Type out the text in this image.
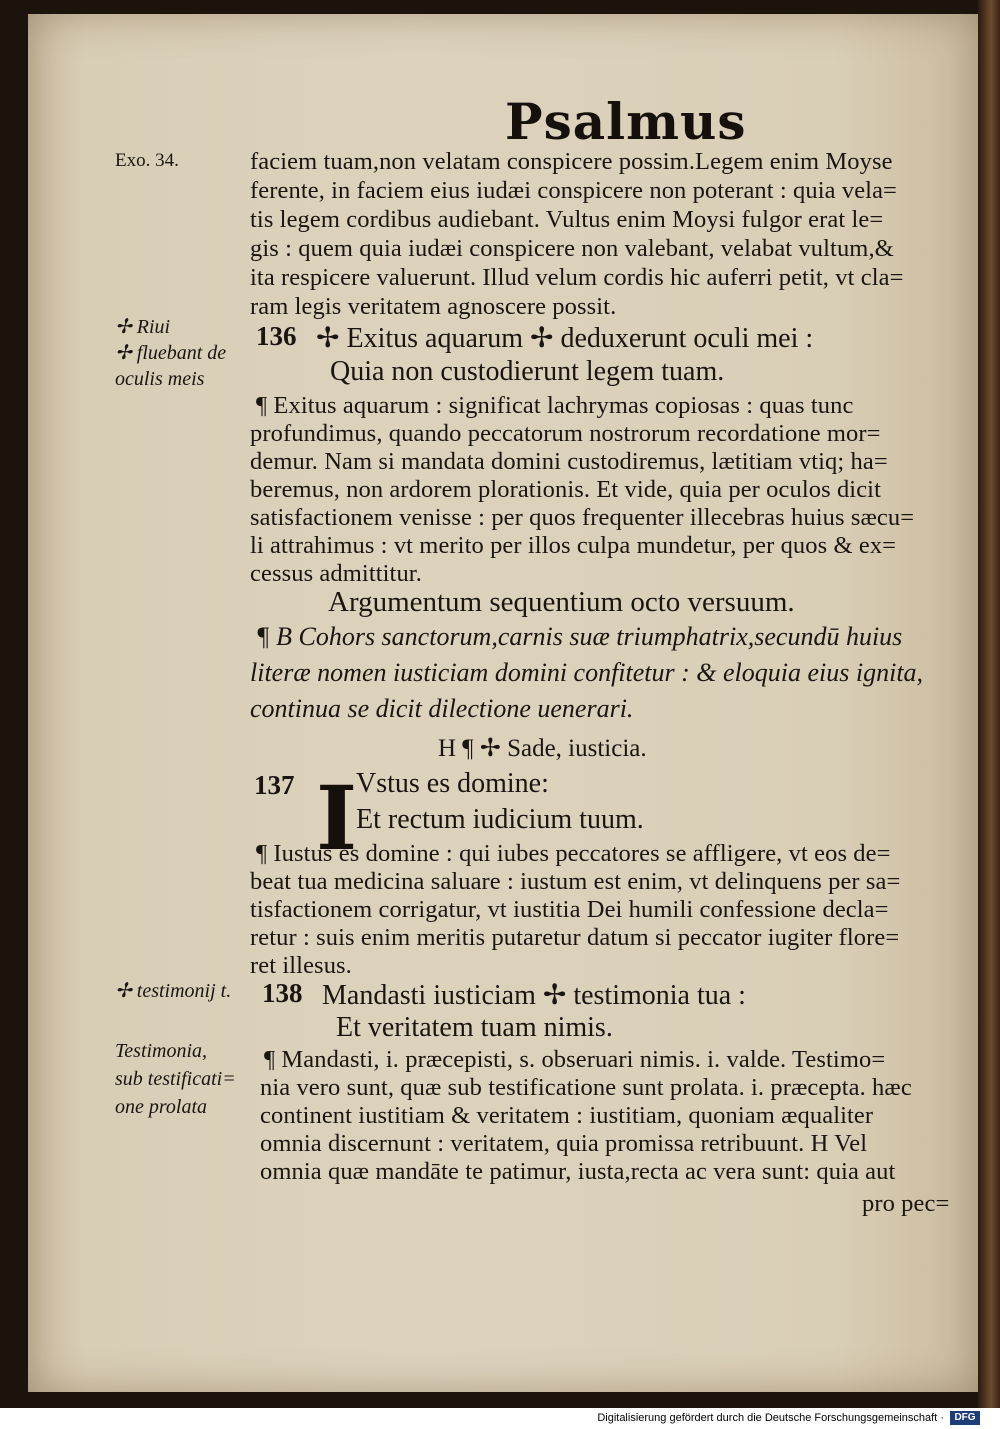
Psalmus
Exo. 34.
✢ Riui
✢ fluebant de
oculis meis
✢ testimonij t.
Testimonia,
sub testificati=
one prolata
faciem tuam,non velatam conspicere possim.Legem enim Moyse
ferente, in faciem eius iudæi conspicere non poterant : quia vela=
tis legem cordibus audiebant. Vultus enim Moysi fulgor erat le=
gis : quem quia iudæi conspicere non valebant, velabat vultum,&
ita respicere valuerunt. Illud velum cordis hic auferri petit, vt cla=
ram legis veritatem agnoscere possit.
136 ✢ Exitus aquarum ✢ deduxerunt oculi mei :
Quia non custodierunt legem tuam.
¶ Exitus aquarum : significat lachrymas copiosas : quas tunc
profundimus, quando peccatorum nostrorum recordatione mor=
demur. Nam si mandata domini custodiremus, lætitiam vtiq; ha=
beremus, non ardorem plorationis. Et vide, quia per oculos dicit
satisfactionem venisse : per quos frequenter illecebras huius sæcu=
li attrahimus : vt merito per illos culpa mundetur, per quos & ex=
cessus admittitur.
Argumentum sequentium octo versuum.
¶ B Cohors sanctorum,carnis suæ triumphatrix,secundū huius
literæ nomen iusticiam domini confitetur : & eloquia eius ignita,
continua se dicit dilectione uenerari.
H ¶ ✢ Sade, iusticia.
137 I
Vstus es domine:
Et rectum iudicium tuum.
¶ Iustus es domine : qui iubes peccatores se affligere, vt eos de=
beat tua medicina saluare : iustum est enim, vt delinquens per sa=
tisfactionem corrigatur, vt iustitia Dei humili confessione decla=
retur : suis enim meritis putaretur datum si peccator iugiter flore=
ret illesus.
138 Mandasti iusticiam ✢ testimonia tua :
Et veritatem tuam nimis.
¶ Mandasti, i. præcepisti, s. obseruari nimis. i. valde. Testimo=
nia vero sunt, quæ sub testificatione sunt prolata. i. præcepta. hæc
continent iustitiam & veritatem : iustitiam, quoniam æqualiter
omnia discernunt : veritatem, quia promissa retribuunt. H Vel
omnia quæ mandāte te patimur, iusta,recta ac vera sunt: quia aut
pro pec=
Digitalisierung gefördert durch die Deutsche Forschungsgemeinschaft ·	DFG
